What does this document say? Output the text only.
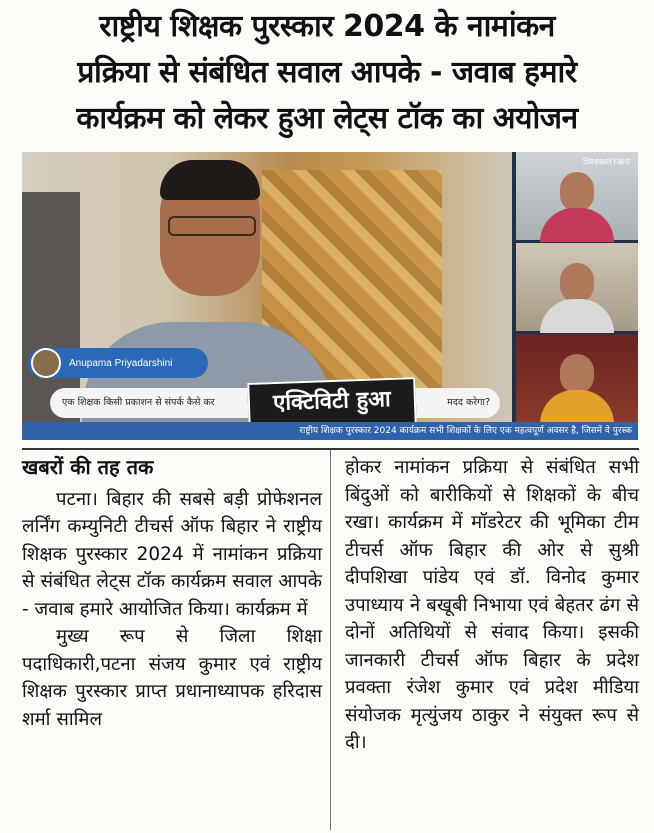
राष्ट्रीय शिक्षक पुरस्कार 2024 के नामांकन
प्रक्रिया से संबंधित सवाल आपके - जवाब हमारे
कार्यक्रम को लेकर हुआ लेट्स टॉक का अयोजन
Anupama Priyadarshini
एक शिक्षक किसी प्रकाशन से संपर्क कैसे कर	मदद करेगा?
एक्टिविटी हुआ
StreamYard
राष्ट्रीय शिक्षक पुरस्कार 2024 कार्यक्रम सभी शिक्षकों के लिए एक महत्वपूर्ण अवसर है, जिसमें वे पुरस्क

खबरों की तह तक

पटना। बिहार की सबसे बड़ी प्रोफेशनल लर्निंग कम्युनिटी टीचर्स ऑफ बिहार ने राष्ट्रीय शिक्षक पुरस्कार 2024 में नामांकन प्रक्रिया से संबंधित लेट्स टॉक कार्यक्रम सवाल आपके - जवाब हमारे आयोजित किया। कार्यक्रम में

मुख्य रूप से जिला शिक्षा पदाधिकारी,पटना संजय कुमार एवं राष्ट्रीय शिक्षक पुरस्कार प्राप्त प्रधानाध्यापक हरिदास शर्मा सामिल

होकर नामांकन प्रक्रिया से संबंधित सभी बिंदुओं को बारीकियों से शिक्षकों के बीच रखा। कार्यक्रम में मॉडरेटर की भूमिका टीम टीचर्स ऑफ बिहार की ओर से सुश्री दीपशिखा पांडेय एवं डॉ. विनोद कुमार उपाध्याय ने बखूबी निभाया एवं बेहतर ढंग से दोनों अतिथियों से संवाद किया। इसकी जानकारी टीचर्स ऑफ बिहार के प्रदेश प्रवक्ता रंजेश कुमार एवं प्रदेश मीडिया संयोजक मृत्युंजय ठाकुर ने संयुक्त रूप से दी।
